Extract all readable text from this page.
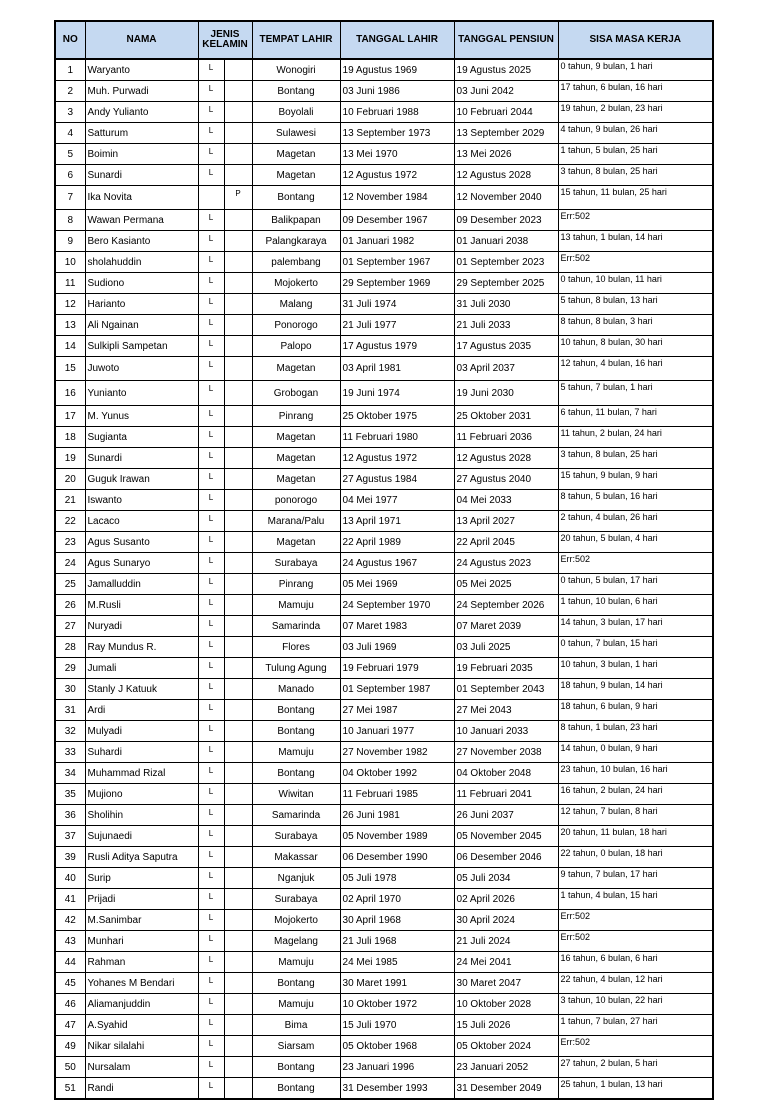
NO	NAMA	JENIS KELAMIN		TEMPAT LAHIR	TANGGAL LAHIR	TANGGAL PENSIUN	SISA MASA KERJA
1	Waryanto	L		Wonogiri	19 Agustus 1969	19 Agustus 2025	0 tahun, 9 bulan, 1 hari
2	Muh. Purwadi	L		Bontang	03 Juni 1986	03 Juni 2042	17 tahun, 6 bulan, 16 hari
3	Andy Yulianto	L		Boyolali	10 Februari 1988	10 Februari 2044	19 tahun, 2 bulan, 23 hari
4	Satturum	L		Sulawesi	13 September 1973	13 September 2029	4 tahun, 9 bulan, 26 hari
5	Boimin	L		Magetan	13 Mei 1970	13 Mei 2026	1 tahun, 5 bulan, 25 hari
6	Sunardi	L		Magetan	12 Agustus 1972	12 Agustus 2028	3 tahun, 8 bulan, 25 hari
7	Ika Novita		P	Bontang	12 November 1984	12 November 2040	15 tahun, 11 bulan, 25 hari
8	Wawan Permana	L		Balikpapan	09 Desember 1967	09 Desember 2023	Err:502
9	Bero Kasianto	L		Palangkaraya	01 Januari 1982	01 Januari 2038	13 tahun, 1 bulan, 14 hari
10	sholahuddin	L		palembang	01 September 1967	01 September 2023	Err:502
11	Sudiono	L		Mojokerto	29 September 1969	29 September 2025	0 tahun, 10 bulan, 11 hari
12	Harianto	L		Malang	31 Juli 1974	31 Juli 2030	5 tahun, 8 bulan, 13 hari
13	Ali Ngainan	L		Ponorogo	21 Juli 1977	21 Juli 2033	8 tahun, 8 bulan, 3 hari
14	Sulkipli Sampetan	L		Palopo	17 Agustus 1979	17 Agustus 2035	10 tahun, 8 bulan, 30 hari
15	Juwoto	L		Magetan	03 April 1981	03 April 2037	12 tahun, 4 bulan, 16 hari
16	Yunianto	L		Grobogan	19 Juni 1974	19 Juni 2030	5 tahun, 7 bulan, 1 hari
17	M. Yunus	L		Pinrang	25 Oktober 1975	25 Oktober 2031	6 tahun, 11 bulan, 7 hari
18	Sugianta	L		Magetan	11 Februari 1980	11 Februari 2036	11 tahun, 2 bulan, 24 hari
19	Sunardi	L		Magetan	12 Agustus 1972	12 Agustus 2028	3 tahun, 8 bulan, 25 hari
20	Guguk Irawan	L		Magetan	27 Agustus 1984	27 Agustus 2040	15 tahun, 9 bulan, 9 hari
21	Iswanto	L		ponorogo	04 Mei 1977	04 Mei 2033	8 tahun, 5 bulan, 16 hari
22	Lacaco	L		Marana/Palu	13 April 1971	13 April 2027	2 tahun, 4 bulan, 26 hari
23	Agus Susanto	L		Magetan	22 April 1989	22 April 2045	20 tahun, 5 bulan, 4 hari
24	Agus Sunaryo	L		Surabaya	24 Agustus 1967	24 Agustus 2023	Err:502
25	Jamalluddin	L		Pinrang	05 Mei 1969	05 Mei 2025	0 tahun, 5 bulan, 17 hari
26	M.Rusli	L		Mamuju	24 September 1970	24 September 2026	1 tahun, 10 bulan, 6 hari
27	Nuryadi	L		Samarinda	07 Maret 1983	07 Maret 2039	14 tahun, 3 bulan, 17 hari
28	Ray Mundus R.	L		Flores	03 Juli 1969	03 Juli 2025	0 tahun, 7 bulan, 15 hari
29	Jumali	L		Tulung Agung	19 Februari 1979	19 Februari 2035	10 tahun, 3 bulan, 1 hari
30	Stanly J Katuuk	L		Manado	01 September 1987	01 September 2043	18 tahun, 9 bulan, 14 hari
31	Ardi	L		Bontang	27 Mei 1987	27 Mei 2043	18 tahun, 6 bulan, 9 hari
32	Mulyadi	L		Bontang	10 Januari 1977	10 Januari 2033	8 tahun, 1 bulan, 23 hari
33	Suhardi	L		Mamuju	27 November 1982	27 November 2038	14 tahun, 0 bulan, 9 hari
34	Muhammad Rizal	L		Bontang	04 Oktober 1992	04 Oktober 2048	23 tahun, 10 bulan, 16 hari
35	Mujiono	L		Wiwitan	11 Februari 1985	11 Februari 2041	16 tahun, 2 bulan, 24 hari
36	Sholihin	L		Samarinda	26 Juni 1981	26 Juni 2037	12 tahun, 7 bulan, 8 hari
37	Sujunaedi	L		Surabaya	05 November 1989	05 November 2045	20 tahun, 11 bulan, 18 hari
39	Rusli Aditya Saputra	L		Makassar	06 Desember 1990	06 Desember 2046	22 tahun, 0 bulan, 18 hari
40	Surip	L		Nganjuk	05 Juli 1978	05 Juli 2034	9 tahun, 7 bulan, 17 hari
41	Prijadi	L		Surabaya	02 April 1970	02 April 2026	1 tahun, 4 bulan, 15 hari
42	M.Sanimbar	L		Mojokerto	30 April 1968	30 April 2024	Err:502
43	Munhari	L		Magelang	21 Juli 1968	21 Juli 2024	Err:502
44	Rahman	L		Mamuju	24 Mei 1985	24 Mei 2041	16 tahun, 6 bulan, 6 hari
45	Yohanes M Bendari	L		Bontang	30 Maret 1991	30 Maret 2047	22 tahun, 4 bulan, 12 hari
46	Aliamanjuddin	L		Mamuju	10 Oktober 1972	10 Oktober 2028	3 tahun, 10 bulan, 22 hari
47	A.Syahid	L		Bima	15 Juli 1970	15 Juli 2026	1 tahun, 7 bulan, 27 hari
49	Nikar silalahi	L		Siarsam	05 Oktober 1968	05 Oktober 2024	Err:502
50	Nursalam	L		Bontang	23 Januari 1996	23 Januari 2052	27 tahun, 2 bulan, 5 hari
51	Randi	L		Bontang	31 Desember 1993	31 Desember 2049	25 tahun, 1 bulan, 13 hari
